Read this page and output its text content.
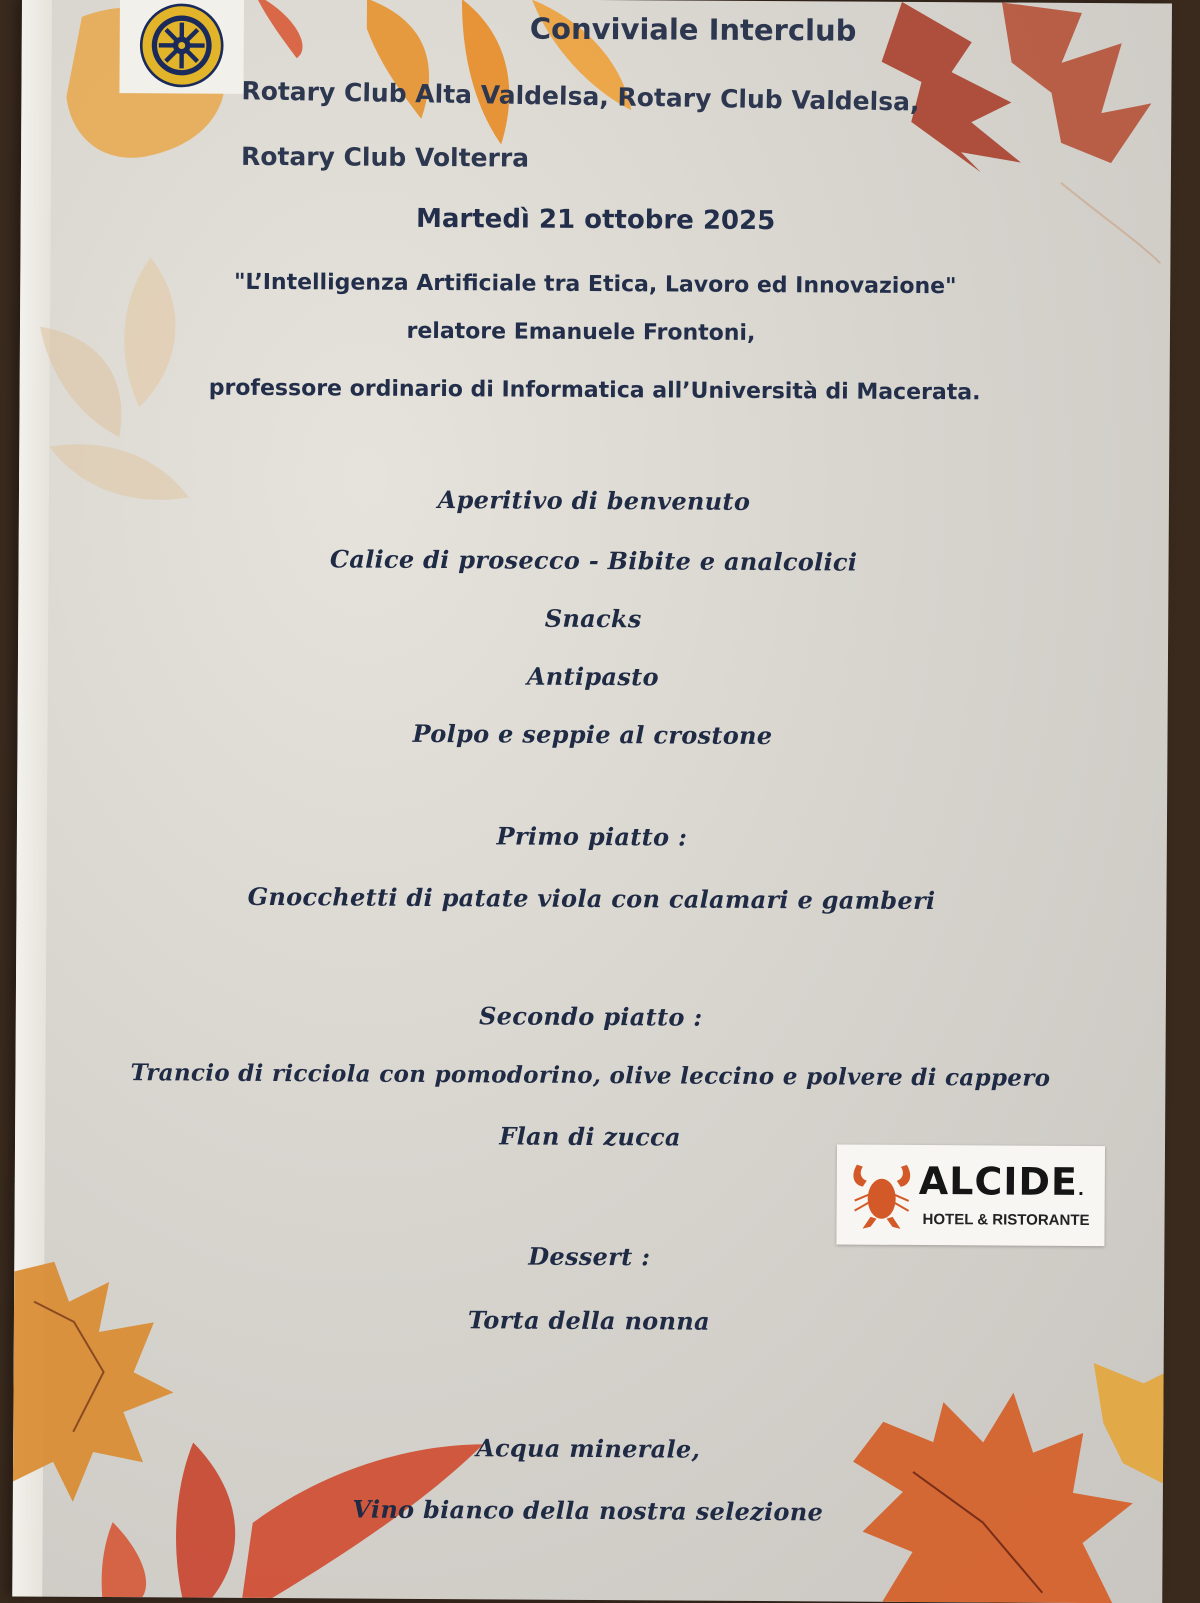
Conviviale Interclub
Rotary Club Alta Valdelsa, Rotary Club Valdelsa,
Rotary Club Volterra
Martedì 21 ottobre 2025
"L’Intelligenza Artificiale tra Etica, Lavoro ed Innovazione"
relatore Emanuele Frontoni,
professore ordinario di Informatica all’Università di Macerata.
Aperitivo di benvenuto
Calice di prosecco - Bibite e analcolici
Snacks
Antipasto
Polpo e seppie al crostone
Primo piatto :
Gnocchetti di patate viola con calamari e gamberi
Secondo piatto :
Trancio di ricciola con pomodorino, olive leccino e polvere di cappero
Flan di zucca
Dessert :
Torta della nonna
Acqua minerale,
Vino bianco della nostra selezione
ALCIDE.
HOTEL & RISTORANTE
